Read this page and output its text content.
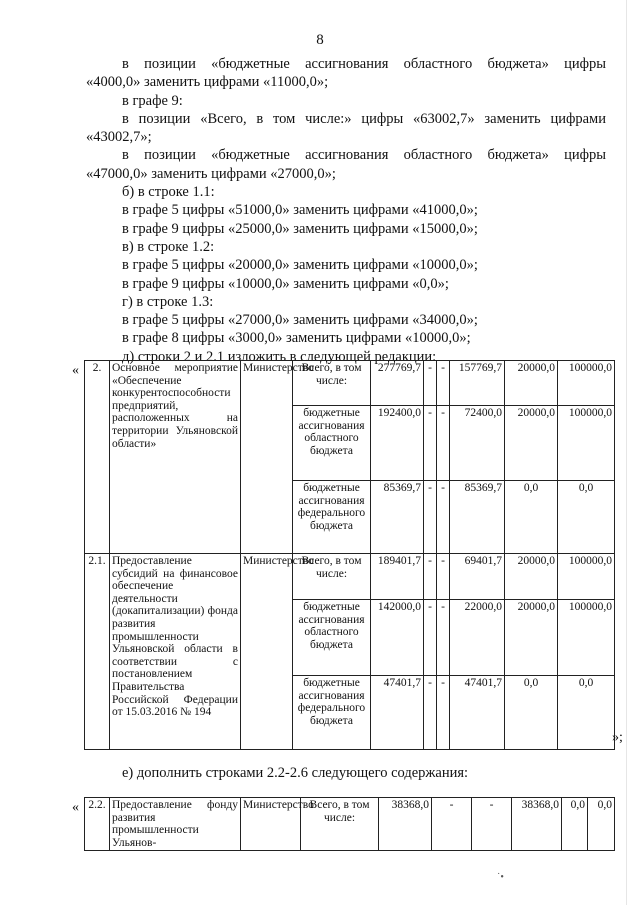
8
в позиции «бюджетные ассигнования областного бюджета» цифры
«4000,0» заменить цифрами «11000,0»;
в графе 9:
в позиции «Всего, в том числе:» цифры «63002,7» заменить цифрами
«43002,7»;
в позиции «бюджетные ассигнования областного бюджета» цифры
«47000,0» заменить цифрами «27000,0»;
б) в строке 1.1:
в графе 5 цифры «51000,0» заменить цифрами «41000,0»;
в графе 9 цифры «25000,0» заменить цифрами «15000,0»;
в) в строке 1.2:
в графе 5 цифры «20000,0» заменить цифрами «10000,0»;
в графе 9 цифры «10000,0» заменить цифрами «0,0»;
г) в строке 1.3:
в графе 5 цифры «27000,0» заменить цифрами «34000,0»;
в графе 8 цифры «3000,0» заменить цифрами «10000,0»;
д) строки 2 и 2.1 изложить в следующей редакции:
« 2.	Основное мероприятие «Обеспечение конкурентоспособности предприятий, расположенных на территории Ульяновской области»	Министерство	Всего, в том числе:	277769,7	-	-	157769,7	20000,0	100000,0
			бюджетные ассигнования областного бюджета	192400,0	-	-	72400,0	20000,0	100000,0
			бюджетные ассигнования федерального бюджета	85369,7	-	-	85369,7	0,0	0,0
2.1.	Предоставление субсидий на финансовое обеспечение деятельности (докапитализации) фонда развития промышленности Ульяновской области в соответствии с постановлением Правительства Российской Федерации от 15.03.2016 № 194	Министерство	Всего, в том числе:	189401,7	-	-	69401,7	20000,0	100000,0
			бюджетные ассигнования областного бюджета	142000,0	-	-	22000,0	20000,0	100000,0
			бюджетные ассигнования федерального бюджета	47401,7	-	-	47401,7	0,0	0,0
»;
е) дополнить строками 2.2-2.6 следующего содержания:
« 2.2.	Предоставление фонду развития промышленности Ульянов-	Министерство	Всего, в том числе:	38368,0	-	-	38368,0	0,0	0,0
˙•
